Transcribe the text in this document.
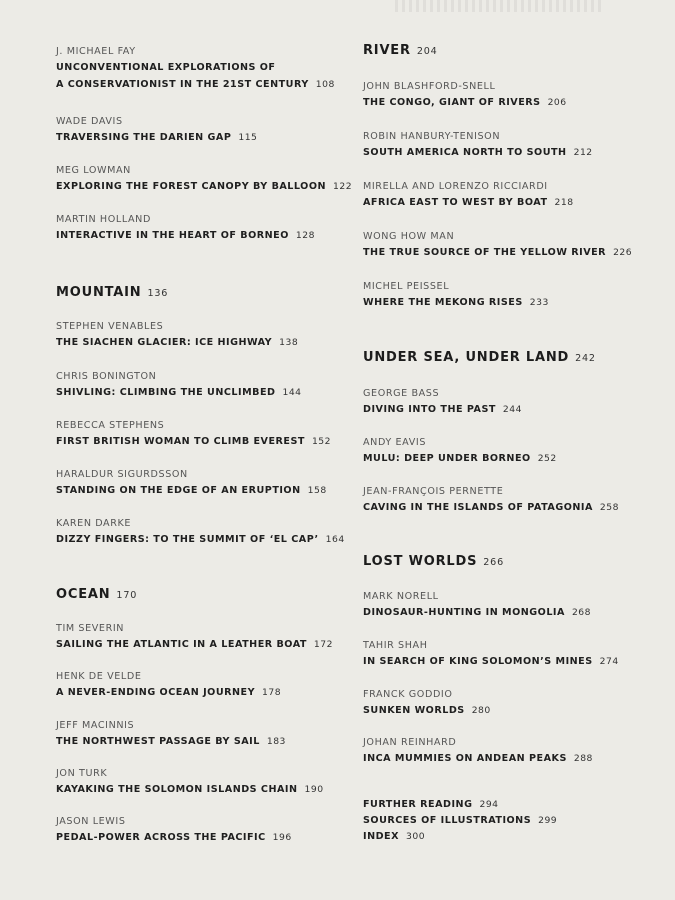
J. MICHAEL FAY
UNCONVENTIONAL EXPLORATIONS OF
A CONSERVATIONIST IN THE 21ST CENTURY 108
WADE DAVIS
TRAVERSING THE DARIEN GAP 115
MEG LOWMAN
EXPLORING THE FOREST CANOPY BY BALLOON 122
MARTIN HOLLAND
INTERACTIVE IN THE HEART OF BORNEO 128
MOUNTAIN 136
STEPHEN VENABLES
THE SIACHEN GLACIER: ICE HIGHWAY 138
CHRIS BONINGTON
SHIVLING: CLIMBING THE UNCLIMBED 144
REBECCA STEPHENS
FIRST BRITISH WOMAN TO CLIMB EVEREST 152
HARALDUR SIGURDSSON
STANDING ON THE EDGE OF AN ERUPTION 158
KAREN DARKE
DIZZY FINGERS: TO THE SUMMIT OF ‘EL CAP’ 164
OCEAN 170
TIM SEVERIN
SAILING THE ATLANTIC IN A LEATHER BOAT 172
HENK DE VELDE
A NEVER-ENDING OCEAN JOURNEY 178
JEFF MACINNIS
THE NORTHWEST PASSAGE BY SAIL 183
JON TURK
KAYAKING THE SOLOMON ISLANDS CHAIN 190
JASON LEWIS
PEDAL-POWER ACROSS THE PACIFIC 196
FURTHER READING 294
SOURCES OF ILLUSTRATIONS 299
INDEX 300
RIVER 204
JOHN BLASHFORD-SNELL
THE CONGO, GIANT OF RIVERS 206
ROBIN HANBURY-TENISON
SOUTH AMERICA NORTH TO SOUTH 212
MIRELLA AND LORENZO RICCIARDI
AFRICA EAST TO WEST BY BOAT 218
WONG HOW MAN
THE TRUE SOURCE OF THE YELLOW RIVER 226
MICHEL PEISSEL
WHERE THE MEKONG RISES 233
UNDER SEA, UNDER LAND 242
GEORGE BASS
DIVING INTO THE PAST 244
ANDY EAVIS
MULU: DEEP UNDER BORNEO 252
JEAN-FRANÇOIS PERNETTE
CAVING IN THE ISLANDS OF PATAGONIA 258
LOST WORLDS 266
MARK NORELL
DINOSAUR-HUNTING IN MONGOLIA 268
TAHIR SHAH
IN SEARCH OF KING SOLOMON’S MINES 274
FRANCK GODDIO
SUNKEN WORLDS 280
JOHAN REINHARD
INCA MUMMIES ON ANDEAN PEAKS 288
